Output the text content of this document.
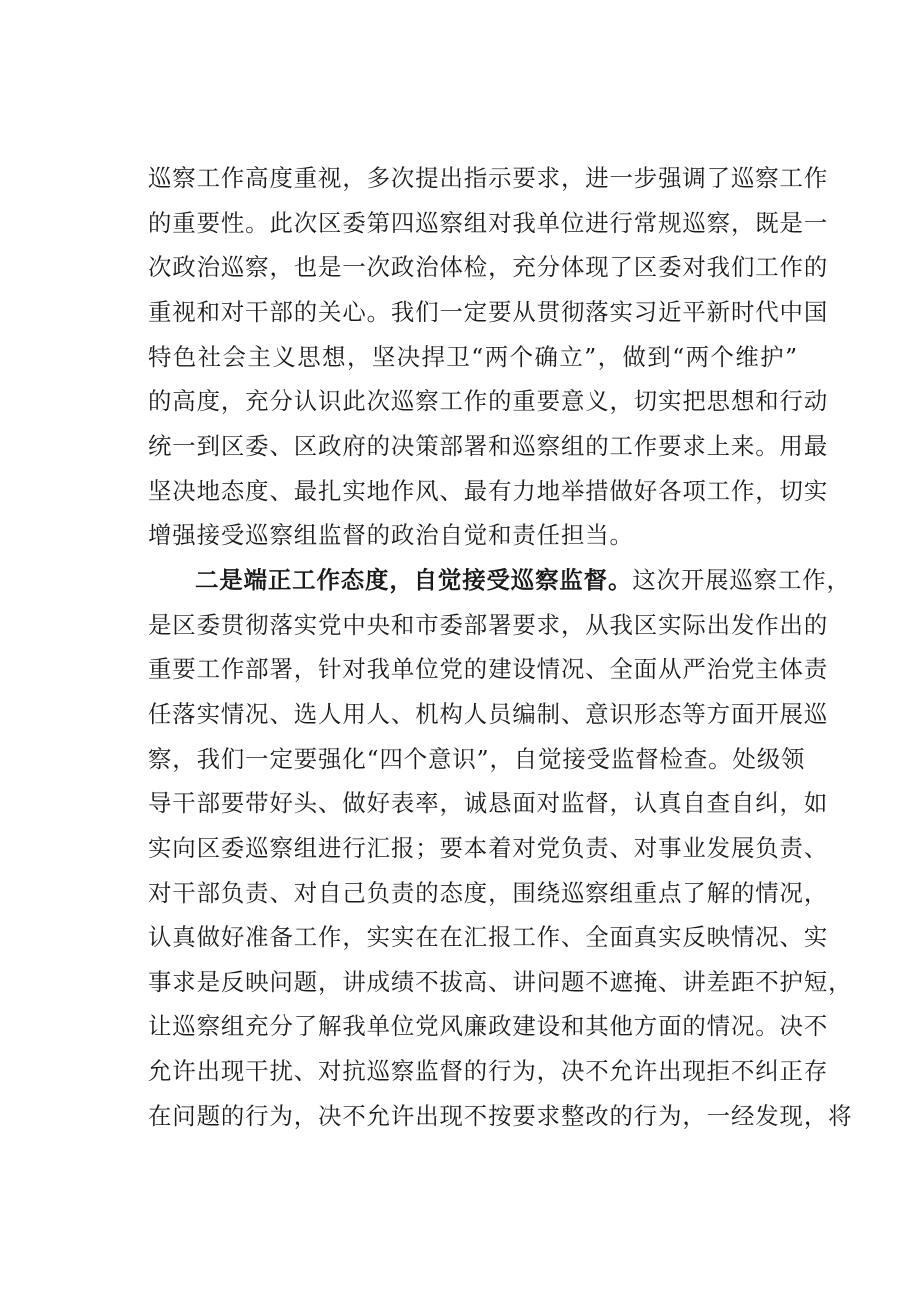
巡察工作高度重视，多次提出指示要求，进一步强调了巡察工作
的重要性。此次区委第四巡察组对我单位进行常规巡察，既是一
次政治巡察，也是一次政治体检，充分体现了区委对我们工作的
重视和对干部的关心。我们一定要从贯彻落实习近平新时代中国
特色社会主义思想，坚决捍卫“两个确立”，做到“两个维护”
的高度，充分认识此次巡察工作的重要意义，切实把思想和行动
统一到区委、区政府的决策部署和巡察组的工作要求上来。用最
坚决地态度、最扎实地作风、最有力地举措做好各项工作，切实
增强接受巡察组监督的政治自觉和责任担当。
二是端正工作态度，自觉接受巡察监督。这次开展巡察工作，
是区委贯彻落实党中央和市委部署要求，从我区实际出发作出的
重要工作部署，针对我单位党的建设情况、全面从严治党主体责
任落实情况、选人用人、机构人员编制、意识形态等方面开展巡
察，我们一定要强化“四个意识”，自觉接受监督检查。处级领
导干部要带好头、做好表率，诚恳面对监督，认真自查自纠，如
实向区委巡察组进行汇报；要本着对党负责、对事业发展负责、
对干部负责、对自己负责的态度，围绕巡察组重点了解的情况，
认真做好准备工作，实实在在汇报工作、全面真实反映情况、实
事求是反映问题，讲成绩不拔高、讲问题不遮掩、讲差距不护短，
让巡察组充分了解我单位党风廉政建设和其他方面的情况。决不
允许出现干扰、对抗巡察监督的行为，决不允许出现拒不纠正存
在问题的行为，决不允许出现不按要求整改的行为，一经发现，将
